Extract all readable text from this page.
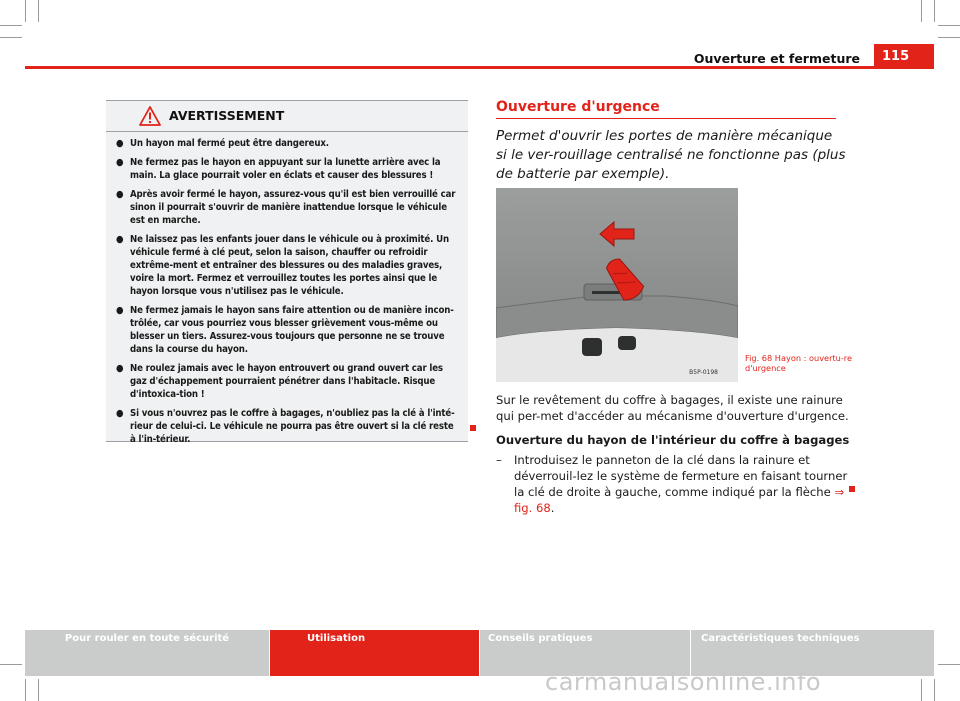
Ouverture et fermeture	115
AVERTISSEMENT
● Un hayon mal fermé peut être dangereux.
● Ne fermez pas le hayon en appuyant sur la lunette arrière avec la main. La glace pourrait voler en éclats et causer des blessures !
● Après avoir fermé le hayon, assurez-vous qu'il est bien verrouillé car sinon il pourrait s'ouvrir de manière inattendue lorsque le véhicule est en marche.
● Ne laissez pas les enfants jouer dans le véhicule ou à proximité. Un véhicule fermé à clé peut, selon la saison, chauffer ou refroidir extrême-ment et entraîner des blessures ou des maladies graves, voire la mort. Fermez et verrouillez toutes les portes ainsi que le hayon lorsque vous n'utilisez pas le véhicule.
● Ne fermez jamais le hayon sans faire attention ou de manière incon-trôlée, car vous pourriez vous blesser grièvement vous-même ou blesser un tiers. Assurez-vous toujours que personne ne se trouve dans la course du hayon.
● Ne roulez jamais avec le hayon entrouvert ou grand ouvert car les gaz d'échappement pourraient pénétrer dans l'habitacle. Risque d'intoxica-tion !
● Si vous n'ouvrez pas le coffre à bagages, n'oubliez pas la clé à l'inté-rieur de celui-ci. Le véhicule ne pourra pas être ouvert si la clé reste à l'in-térieur.
Ouverture d'urgence
Permet d'ouvrir les portes de manière mécanique si le ver-rouillage centralisé ne fonctionne pas (plus de batterie par exemple).
B5P-0198
Fig. 68 Hayon : ouvertu-re d'urgence
Sur le revêtement du coffre à bagages, il existe une rainure qui per-met d'accéder au mécanisme d'ouverture d'urgence.
Ouverture du hayon de l'intérieur du coffre à bagages
–	Introduisez le panneton de la clé dans la rainure et déverrouil-lez le système de fermeture en faisant tourner la clé de droite à gauche, comme indiqué par la flèche ⇒ fig. 68.
Pour rouler en toute sécurité	Utilisation	Conseils pratiques	Caractéristiques techniques
carmanualsonline.info
